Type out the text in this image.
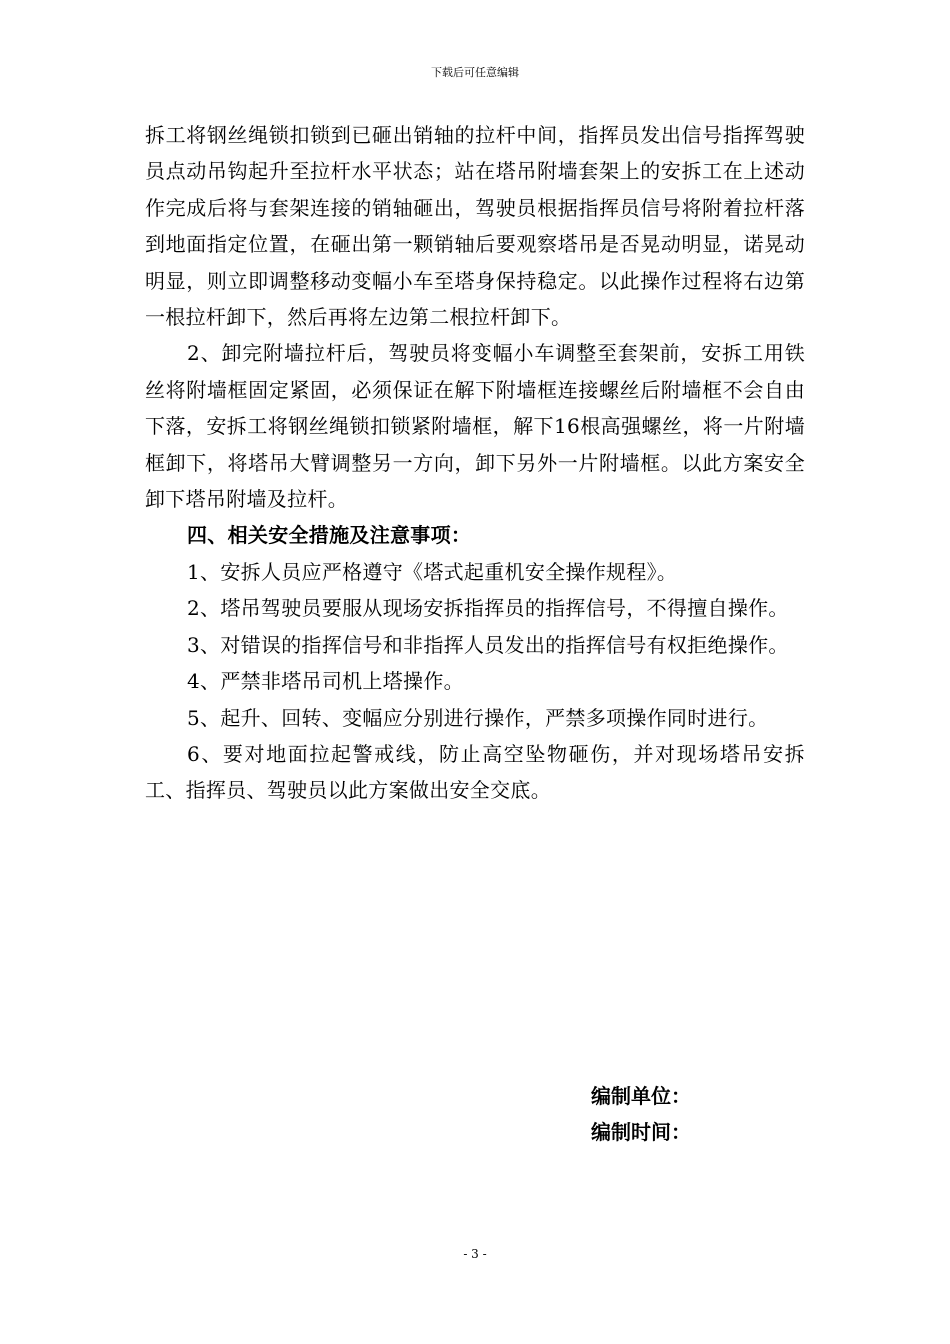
下载后可任意编辑

拆工将钢丝绳锁扣锁到已砸出销轴的拉杆中间，指挥员发出信号指挥驾驶员点动吊钩起升至拉杆水平状态；站在塔吊附墙套架上的安拆工在上述动作完成后将与套架连接的销轴砸出，驾驶员根据指挥员信号将附着拉杆落到地面指定位置，在砸出第一颗销轴后要观察塔吊是否晃动明显，诺晃动明显，则立即调整移动变幅小车至塔身保持稳定。以此操作过程将右边第一根拉杆卸下，然后再将左边第二根拉杆卸下。

2、卸完附墙拉杆后，驾驶员将变幅小车调整至套架前，安拆工用铁丝将附墙框固定紧固，必须保证在解下附墙框连接螺丝后附墙框不会自由下落，安拆工将钢丝绳锁扣锁紧附墙框，解下16根高强螺丝，将一片附墙框卸下，将塔吊大臂调整另一方向，卸下另外一片附墙框。以此方案安全卸下塔吊附墙及拉杆。

四、相关安全措施及注意事项：

1、安拆人员应严格遵守《塔式起重机安全操作规程》。

2、塔吊驾驶员要服从现场安拆指挥员的指挥信号，不得擅自操作。

3、对错误的指挥信号和非指挥人员发出的指挥信号有权拒绝操作。

4、严禁非塔吊司机上塔操作。

5、起升、回转、变幅应分别进行操作，严禁多项操作同时进行。

6、要对地面拉起警戒线，防止高空坠物砸伤，并对现场塔吊安拆工、指挥员、驾驶员以此方案做出安全交底。

编制单位：
编制时间：
- 3 -
